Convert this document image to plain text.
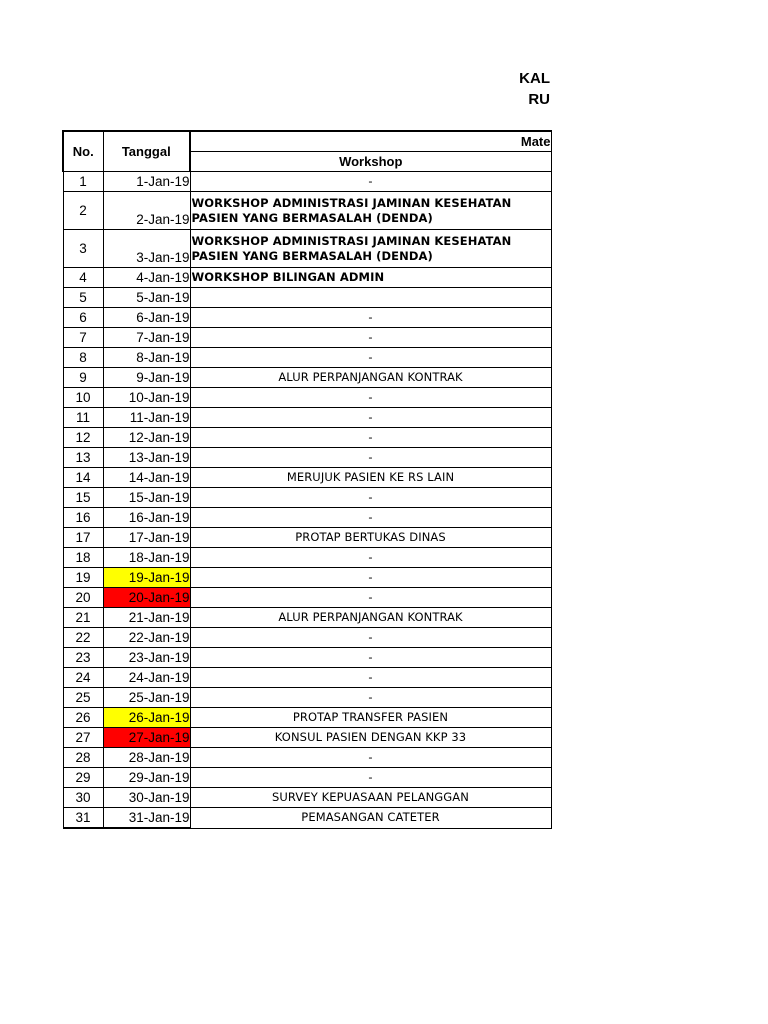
KAL
RU
No.	Tanggal	Mate
		Workshop
1	1-Jan-19	-
2	2-Jan-19	WORKSHOP ADMINISTRASI JAMINAN KESEHATAN PASIEN YANG BERMASALAH (DENDA)
3	3-Jan-19	WORKSHOP ADMINISTRASI JAMINAN KESEHATAN PASIEN YANG BERMASALAH (DENDA)
4	4-Jan-19	WORKSHOP BILINGAN ADMIN
5	5-Jan-19	
6	6-Jan-19	-
7	7-Jan-19	-
8	8-Jan-19	-
9	9-Jan-19	ALUR PERPANJANGAN KONTRAK
10	10-Jan-19	-
11	11-Jan-19	-
12	12-Jan-19	-
13	13-Jan-19	-
14	14-Jan-19	MERUJUK PASIEN KE RS LAIN
15	15-Jan-19	-
16	16-Jan-19	-
17	17-Jan-19	PROTAP BERTUKAS DINAS
18	18-Jan-19	-
19	19-Jan-19	-
20	20-Jan-19	-
21	21-Jan-19	ALUR PERPANJANGAN KONTRAK
22	22-Jan-19	-
23	23-Jan-19	-
24	24-Jan-19	-
25	25-Jan-19	-
26	26-Jan-19	PROTAP TRANSFER PASIEN
27	27-Jan-19	KONSUL PASIEN DENGAN KKP 33
28	28-Jan-19	-
29	29-Jan-19	-
30	30-Jan-19	SURVEY KEPUASAAN PELANGGAN
31	31-Jan-19	PEMASANGAN CATETER
